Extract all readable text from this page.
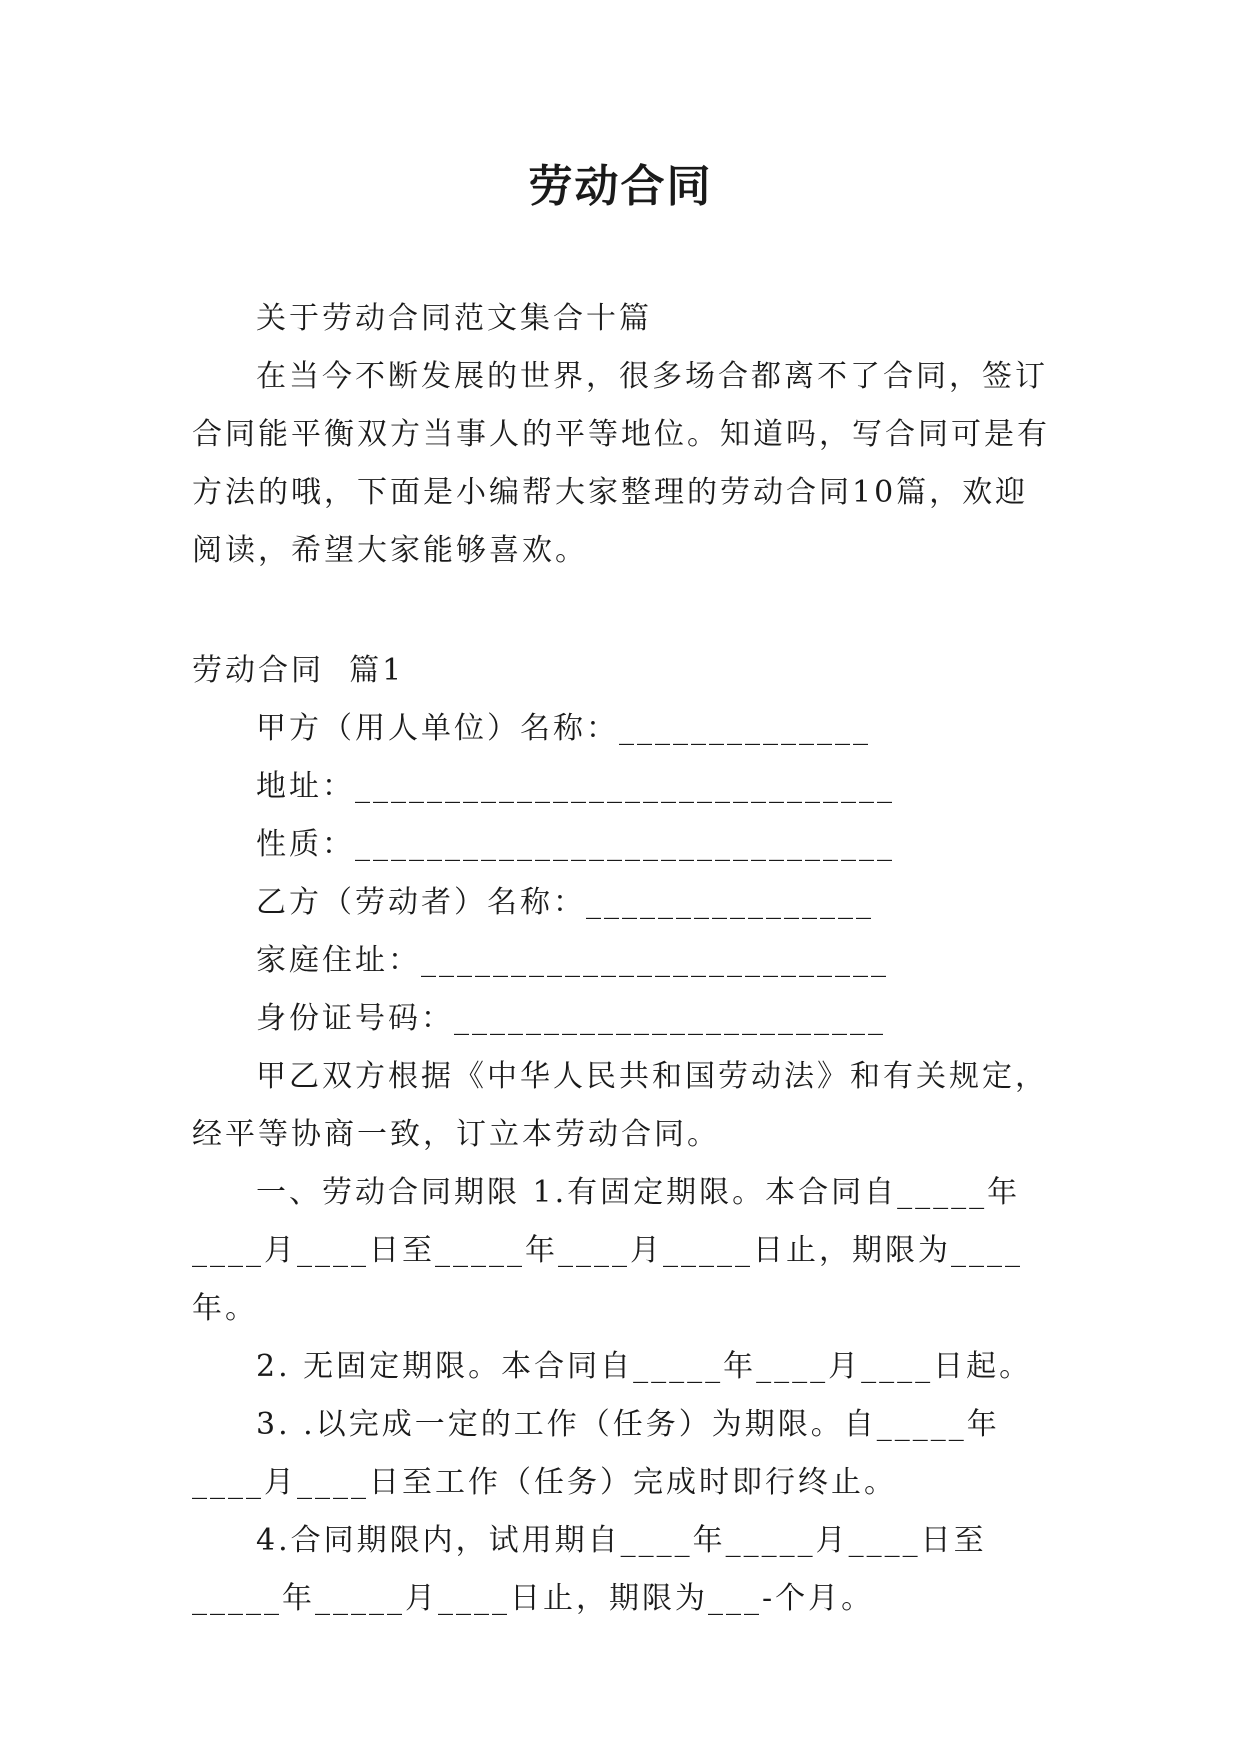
劳动合同

关于劳动合同范文集合十篇

在当今不断发展的世界，很多场合都离不了合同，签订合同能平衡双方当事人的平等地位。知道吗，写合同可是有方法的哦，下面是小编帮大家整理的劳动合同10篇，欢迎阅读，希望大家能够喜欢。

劳动合同  篇1

甲方（用人单位）名称：______________

地址：______________________________

性质：______________________________

乙方（劳动者）名称：________________

家庭住址：__________________________

身份证号码：________________________

甲乙双方根据《中华人民共和国劳动法》和有关规定，经平等协商一致，订立本劳动合同。

一、劳动合同期限 1.有固定期限。本合同自_____年____月____日至_____年____月_____日止，期限为____年。

2. 无固定期限。本合同自_____年____月____日起。

3. .以完成一定的工作（任务）为期限。自_____年____月____日至工作（任务）完成时即行终止。

4.合同期限内，试用期自____年_____月____日至_____年_____月____日止，期限为___-个月。
